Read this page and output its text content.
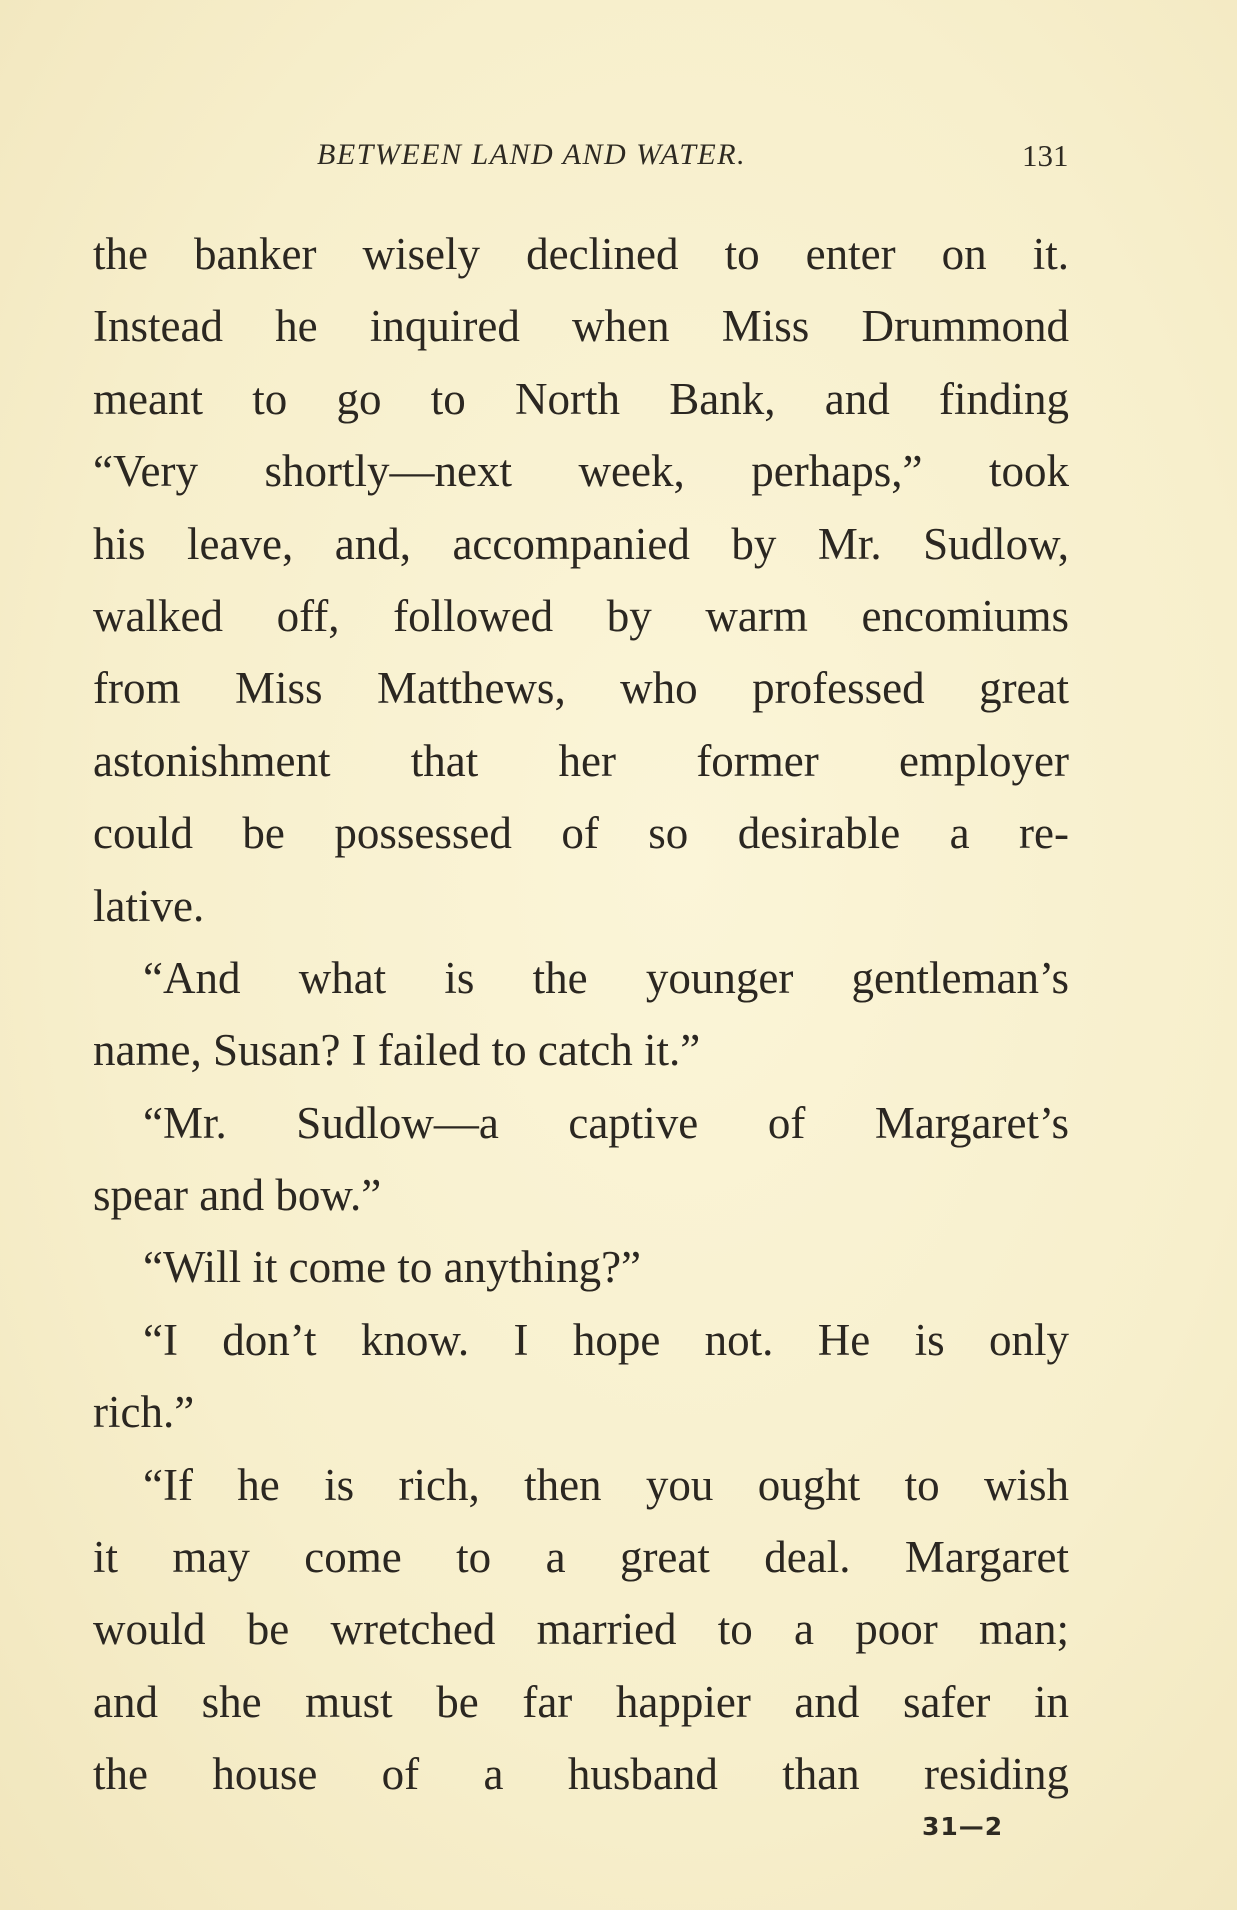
BETWEEN LAND AND WATER.	131
the banker wisely declined to enter on it.
Instead he inquired when Miss Drummond
meant to go to North Bank, and finding
“Very shortly—next week, perhaps,” took
his leave, and, accompanied by Mr. Sudlow,
walked off, followed by warm encomiums
from Miss Matthews, who professed great
astonishment that her former employer
could be possessed of so desirable a re-
lative.
“And what is the younger gentleman’s
name, Susan? I failed to catch it.”
“Mr. Sudlow—a captive of Margaret’s
spear and bow.”
“Will it come to anything?”
“I don’t know. I hope not. He is only
rich.”
“If he is rich, then you ought to wish
it may come to a great deal. Margaret
would be wretched married to a poor man;
and she must be far happier and safer in
the house of a husband than residing
31—2
